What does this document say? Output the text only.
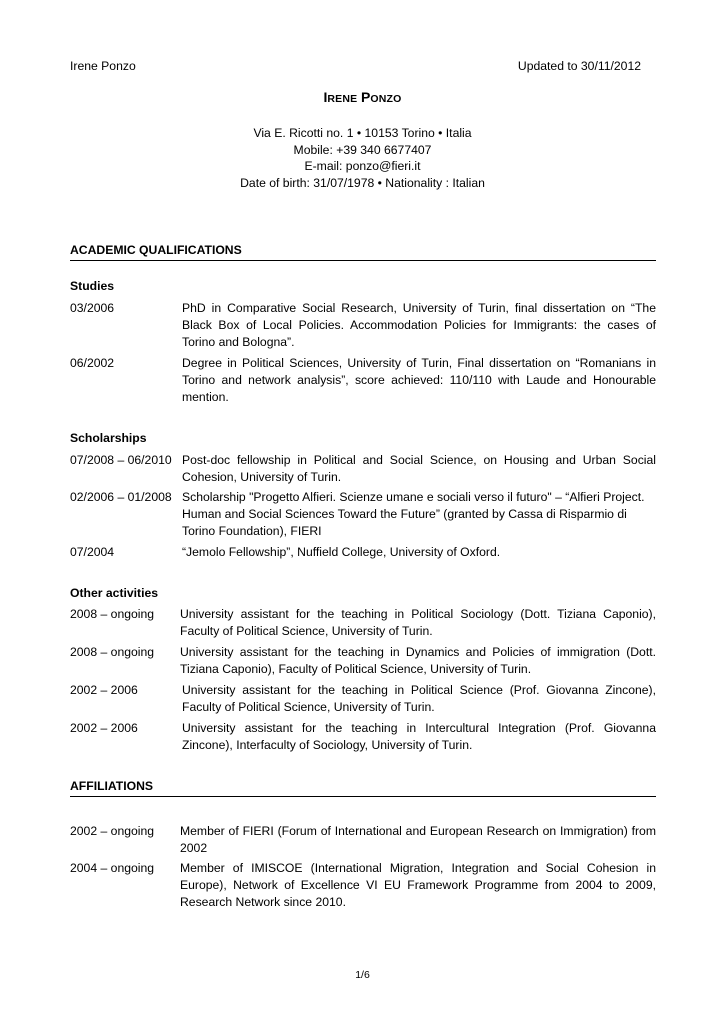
Irene Ponzo	Updated to 30/11/2012
IRENE PONZO
Via E. Ricotti no. 1 • 10153 Torino • Italia
Mobile: +39 340 6677407
E-mail: ponzo@fieri.it
Date of birth: 31/07/1978 • Nationality : Italian
ACADEMIC QUALIFICATIONS
Studies
03/2006	PhD in Comparative Social Research, University of Turin, final dissertation on “The Black Box of Local Policies. Accommodation Policies for Immigrants: the cases of Torino and Bologna”.
06/2002	Degree in Political Sciences, University of Turin, Final dissertation on “Romanians in Torino and network analysis”, score achieved: 110/110 with Laude and Honourable mention.
Scholarships
07/2008 – 06/2010 Post-doc fellowship in Political and Social Science, on Housing and Urban Social Cohesion, University of Turin.
02/2006 – 01/2008 Scholarship "Progetto Alfieri. Scienze umane e sociali verso il futuro" – “Alfieri Project. Human and Social Sciences Toward the Future” (granted by Cassa di Risparmio di Torino Foundation), FIERI
07/2004	“Jemolo Fellowship”, Nuffield College, University of Oxford.
Other activities
2008 – ongoing	University assistant for the teaching in Political Sociology (Dott. Tiziana Caponio), Faculty of Political Science, University of Turin.
2008 – ongoing	University assistant for the teaching in Dynamics and Policies of immigration (Dott. Tiziana Caponio), Faculty of Political Science, University of Turin.
2002 – 2006	University assistant for the teaching in Political Science (Prof. Giovanna Zincone), Faculty of Political Science, University of Turin.
2002 – 2006	University assistant for the teaching in Intercultural Integration (Prof. Giovanna Zincone), Interfaculty of Sociology, University of Turin.
AFFILIATIONS
2002 – ongoing	Member of FIERI (Forum of International and European Research on Immigration) from 2002
2004 – ongoing	Member of IMISCOE (International Migration, Integration and Social Cohesion in Europe), Network of Excellence VI EU Framework Programme from 2004 to 2009, Research Network since 2010.
1/6
